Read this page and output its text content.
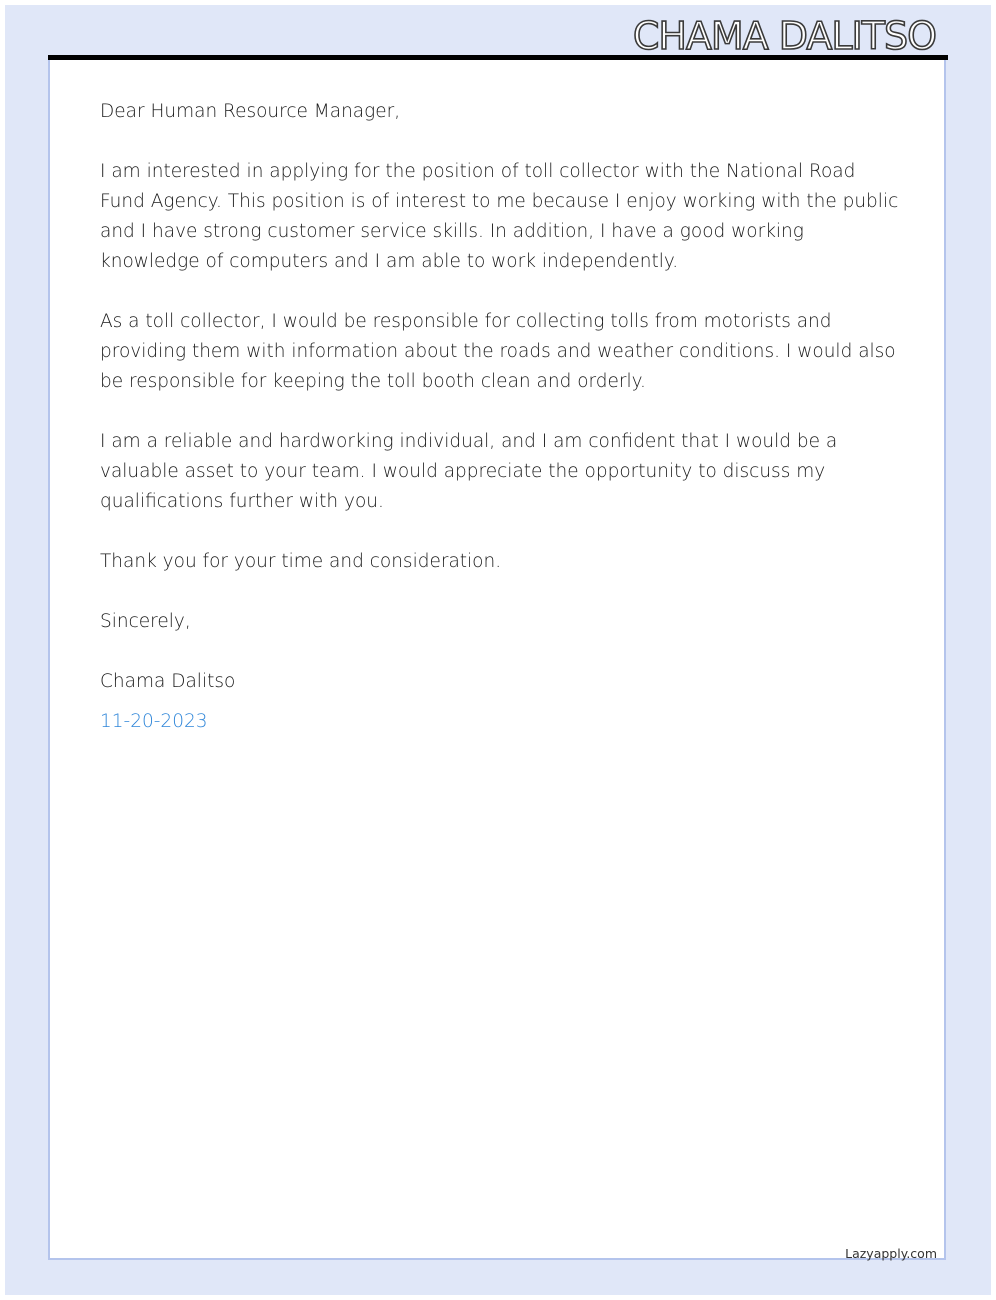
CHAMA DALITSO

Dear Human Resource Manager,

I am interested in applying for the position of toll collector with the National Road Fund Agency. This position is of interest to me because I enjoy working with the public and I have strong customer service skills. In addition, I have a good working knowledge of computers and I am able to work independently.

As a toll collector, I would be responsible for collecting tolls from motorists and providing them with information about the roads and weather conditions. I would also be responsible for keeping the toll booth clean and orderly.

I am a reliable and hardworking individual, and I am confident that I would be a valuable asset to your team. I would appreciate the opportunity to discuss my qualifications further with you.

Thank you for your time and consideration.

Sincerely,

Chama Dalitso

11-20-2023

Lazyapply.com
